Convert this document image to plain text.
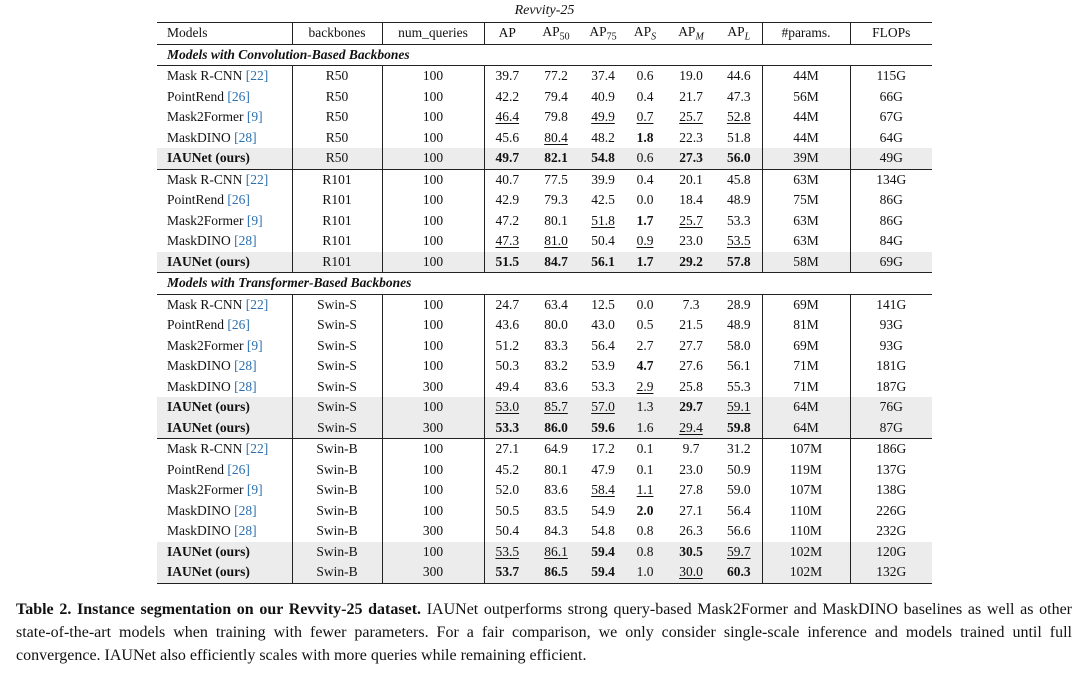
Revvity-25
Models	backbones	num_queries	AP	$AP_{50}$	$AP_{75}$	$AP_S$	$AP_M$	$AP_L$	#params.	FLOPs
Models with Convolution-Based Backbones										
Mask R-CNN [22]	R50	100	39.7	77.2	37.4	0.6	19.0	44.6	44M	115G
PointRend [26]	R50	100	42.2	79.4	40.9	0.4	21.7	47.3	56M	66G
Mask2Former [9]	R50	100	46.4	79.8	49.9	0.7	25.7	52.8	44M	67G
MaskDINO [28]	R50	100	45.6	80.4	48.2	1.8	22.3	51.8	44M	64G
IAUNet (ours)	R50	100	49.7	82.1	54.8	0.6	27.3	56.0	39M	49G
Mask R-CNN [22]	R101	100	40.7	77.5	39.9	0.4	20.1	45.8	63M	134G
PointRend [26]	R101	100	42.9	79.3	42.5	0.0	18.4	48.9	75M	86G
Mask2Former [9]	R101	100	47.2	80.1	51.8	1.7	25.7	53.3	63M	86G
MaskDINO [28]	R101	100	47.3	81.0	50.4	0.9	23.0	53.5	63M	84G
IAUNet (ours)	R101	100	51.5	84.7	56.1	1.7	29.2	57.8	58M	69G
Models with Transformer-Based Backbones										
Mask R-CNN [22]	Swin-S	100	24.7	63.4	12.5	0.0	7.3	28.9	69M	141G
PointRend [26]	Swin-S	100	43.6	80.0	43.0	0.5	21.5	48.9	81M	93G
Mask2Former [9]	Swin-S	100	51.2	83.3	56.4	2.7	27.7	58.0	69M	93G
MaskDINO [28]	Swin-S	100	50.3	83.2	53.9	4.7	27.6	56.1	71M	181G
MaskDINO [28]	Swin-S	300	49.4	83.6	53.3	2.9	25.8	55.3	71M	187G
IAUNet (ours)	Swin-S	100	53.0	85.7	57.0	1.3	29.7	59.1	64M	76G
IAUNet (ours)	Swin-S	300	53.3	86.0	59.6	1.6	29.4	59.8	64M	87G
Mask R-CNN [22]	Swin-B	100	27.1	64.9	17.2	0.1	9.7	31.2	107M	186G
PointRend [26]	Swin-B	100	45.2	80.1	47.9	0.1	23.0	50.9	119M	137G
Mask2Former [9]	Swin-B	100	52.0	83.6	58.4	1.1	27.8	59.0	107M	138G
MaskDINO [28]	Swin-B	100	50.5	83.5	54.9	2.0	27.1	56.4	110M	226G
MaskDINO [28]	Swin-B	300	50.4	84.3	54.8	0.8	26.3	56.6	110M	232G
IAUNet (ours)	Swin-B	100	53.5	86.1	59.4	0.8	30.5	59.7	102M	120G
IAUNet (ours)	Swin-B	300	53.7	86.5	59.4	1.0	30.0	60.3	102M	132G
Table 2. Instance segmentation on our Revvity-25 dataset. IAUNet outperforms strong query-based Mask2Former and MaskDINO baselines as well as other state-of-the-art models when training with fewer parameters. For a fair comparison, we only consider single-scale inference and models trained until full convergence. IAUNet also efficiently scales with more queries while remaining efficient.
